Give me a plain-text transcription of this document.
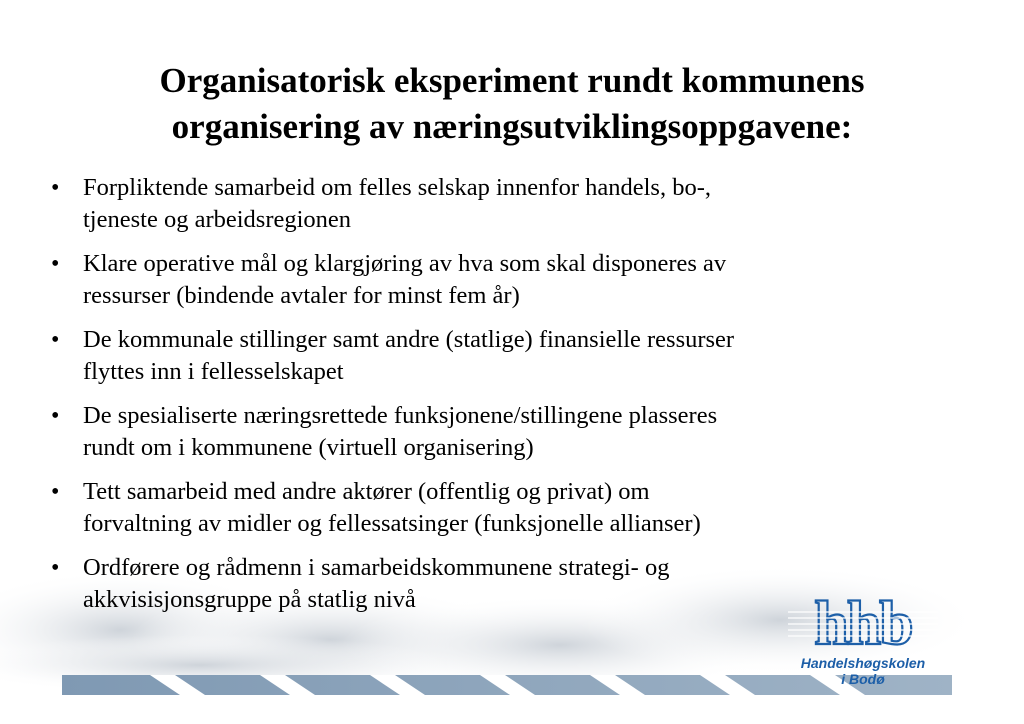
Organisatorisk eksperiment rundt kommunens
organisering av næringsutviklingsoppgavene:
• Forpliktende samarbeid om felles selskap innenfor handels, bo-,
tjeneste og arbeidsregionen
• Klare operative mål og klargjøring av hva som skal disponeres av
ressurser (bindende avtaler for minst fem år)
• De kommunale stillinger samt andre (statlige) finansielle ressurser
flyttes inn i fellesselskapet
• De spesialiserte næringsrettede funksjonene/stillingene plasseres
rundt om i kommunene (virtuell organisering)
• Tett samarbeid med andre aktører (offentlig og privat) om
forvaltning av midler og fellessatsinger (funksjonelle allianser)
• Ordførere og rådmenn i samarbeidskommunene strategi- og
akkvisisjonsgruppe på statlig nivå	hhb
Handelshøgskolen
i Bodø
